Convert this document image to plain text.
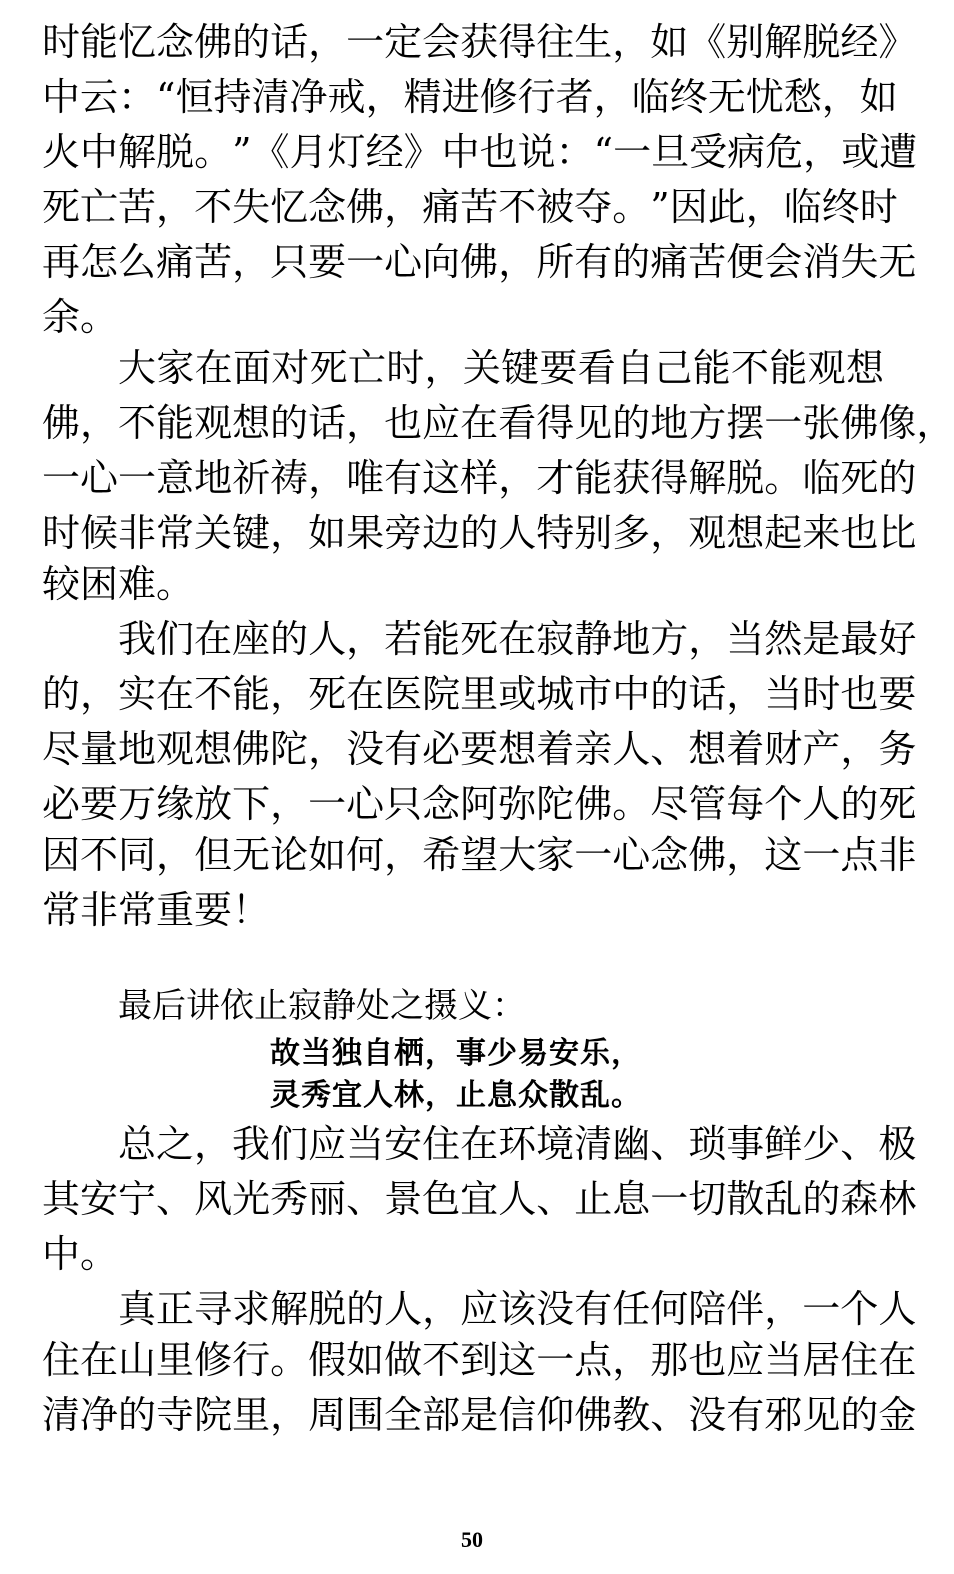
时 能 忆 念 佛 的 话 ， 一 定 会 获 得 往 生 ， 如 《 别 解 脱 经 》
中 云 ： “ 恒 持 清 净 戒 ， 精 进 修 行 者 ， 临 终 无 忧 愁 ， 如
火 中 解 脱 。 ” 《 月 灯 经 》 中 也 说 ： “ 一 旦 受 病 危 ， 或 遭
死 亡 苦 ， 不 失 忆 念 佛 ， 痛 苦 不 被 夺 。 ” 因 此 ， 临 终 时
再 怎 么 痛 苦 ， 只 要 一 心 向 佛 ， 所 有 的 痛 苦 便 会 消 失 无
余。
大 家 在 面 对 死 亡 时 ， 关 键 要 看 自 己 能 不 能 观 想
佛 ， 不 能 观 想 的 话 ， 也 应 在 看 得 见 的 地 方 摆 一 张 佛 像 ，
一 心 一 意 地 祈 祷 ， 唯 有 这 样 ， 才 能 获 得 解 脱 。 临 死 的
时 候 非 常 关 键 ， 如 果 旁 边 的 人 特 别 多 ， 观 想 起 来 也 比
较困难。
我 们 在 座 的 人 ， 若 能 死 在 寂 静 地 方 ， 当 然 是 最 好
的 ， 实 在 不 能 ， 死 在 医 院 里 或 城 市 中 的 话 ， 当 时 也 要
尽 量 地 观 想 佛 陀 ， 没 有 必 要 想 着 亲 人 、 想 着 财 产 ， 务
必 要 万 缘 放 下 ， 一 心 只 念 阿 弥 陀 佛 。 尽 管 每 个 人 的 死
因 不 同 ， 但 无 论 如 何 ， 希 望 大 家 一 心 念 佛 ， 这 一 点 非
常非常重要！
最后讲依止寂静处之摄义：
故当独自栖，事少易安乐，
灵秀宜人林，止息众散乱。
总 之 ， 我 们 应 当 安 住 在 环 境 清 幽 、 琐 事 鲜 少 、 极
其 安 宁 、 风 光 秀 丽 、 景 色 宜 人 、 止 息 一 切 散 乱 的 森 林
中。
真 正 寻 求 解 脱 的 人 ， 应 该 没 有 任 何 陪 伴 ， 一 个 人
住 在 山 里 修 行 。 假 如 做 不 到 这 一 点 ， 那 也 应 当 居 住 在
清 净 的 寺 院 里 ， 周 围 全 部 是 信 仰 佛 教 、 没 有 邪 见 的 金
50
